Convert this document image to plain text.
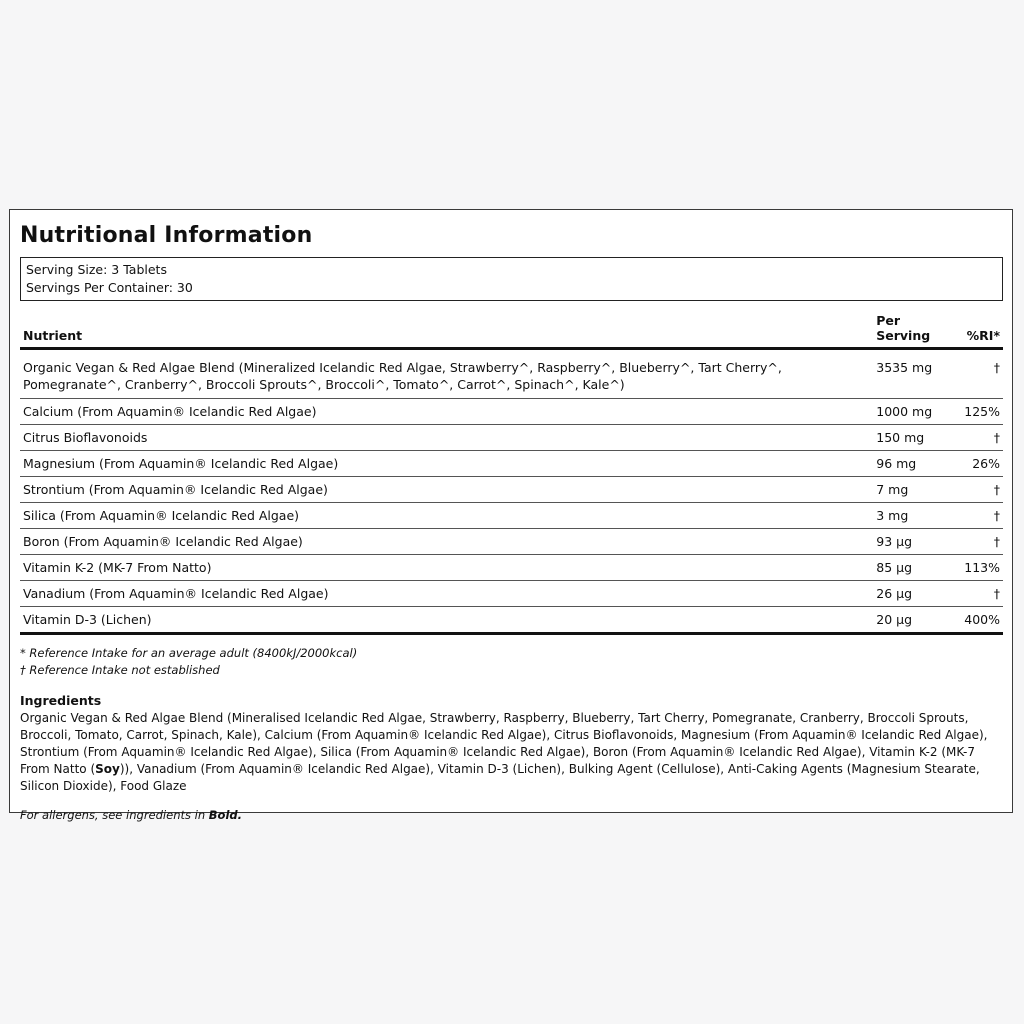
Nutritional Information
Serving Size: 3 Tablets
Servings Per Container: 30
Nutrient	Per Serving	%RI*
Organic Vegan & Red Algae Blend (Mineralized Icelandic Red Algae, Strawberry^, Raspberry^, Blueberry^, Tart Cherry^, Pomegranate^, Cranberry^, Broccoli Sprouts^, Broccoli^, Tomato^, Carrot^, Spinach^, Kale^)	3535 mg	†
Calcium (From Aquamin® Icelandic Red Algae)	1000 mg	125%
Citrus Bioflavonoids	150 mg	†
Magnesium (From Aquamin® Icelandic Red Algae)	96 mg	26%
Strontium (From Aquamin® Icelandic Red Algae)	7 mg	†
Silica (From Aquamin® Icelandic Red Algae)	3 mg	†
Boron (From Aquamin® Icelandic Red Algae)	93 µg	†
Vitamin K-2 (MK-7 From Natto)	85 µg	113%
Vanadium (From Aquamin® Icelandic Red Algae)	26 µg	†
Vitamin D-3 (Lichen)	20 µg	400%
* Reference Intake for an average adult (8400kJ/2000kcal)
† Reference Intake not established
Ingredients
Organic Vegan & Red Algae Blend (Mineralised Icelandic Red Algae, Strawberry, Raspberry, Blueberry, Tart Cherry, Pomegranate, Cranberry, Broccoli Sprouts, Broccoli, Tomato, Carrot, Spinach, Kale), Calcium (From Aquamin® Icelandic Red Algae), Citrus Bioflavonoids, Magnesium (From Aquamin® Icelandic Red Algae), Strontium (From Aquamin® Icelandic Red Algae), Silica (From Aquamin® Icelandic Red Algae), Boron (From Aquamin® Icelandic Red Algae), Vitamin K-2 (MK-7 From Natto (Soy)), Vanadium (From Aquamin® Icelandic Red Algae), Vitamin D-3 (Lichen), Bulking Agent (Cellulose), Anti-Caking Agents (Magnesium Stearate, Silicon Dioxide), Food Glaze
For allergens, see ingredients in Bold.
